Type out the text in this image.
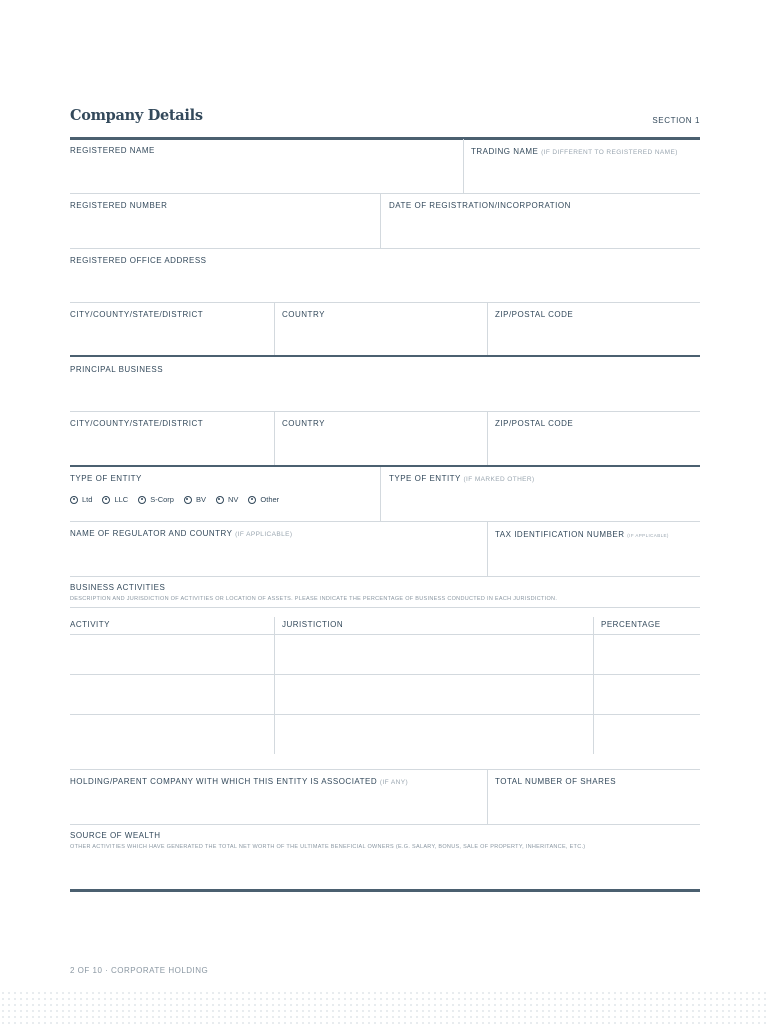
Company Details	SECTION 1
REGISTERED NAME	TRADING NAME (IF DIFFERENT TO REGISTERED NAME)
REGISTERED NUMBER	DATE OF REGISTRATION/INCORPORATION
REGISTERED OFFICE ADDRESS
CITY/COUNTY/STATE/DISTRICT	COUNTRY	ZIP/POSTAL CODE
PRINCIPAL BUSINESS
CITY/COUNTY/STATE/DISTRICT	COUNTRY	ZIP/POSTAL CODE
TYPE OF ENTITY
Ltd	LLC	S-Corp	BV	NV	Other
TYPE OF ENTITY (IF MARKED OTHER)
NAME OF REGULATOR AND COUNTRY (IF APPLICABLE)	TAX IDENTIFICATION NUMBER (IF APPLICABLE)
BUSINESS ACTIVITIES
DESCRIPTION AND JURISDICTION OF ACTIVITIES OR LOCATION OF ASSETS. PLEASE INDICATE THE PERCENTAGE OF BUSINESS CONDUCTED IN EACH JURISDICTION.
ACTIVITY	JURISTICTION	PERCENTAGE
HOLDING/PARENT COMPANY WITH WHICH THIS ENTITY IS ASSOCIATED (IF ANY)	TOTAL NUMBER OF SHARES
SOURCE OF WEALTH
OTHER ACTIVITIES WHICH HAVE GENERATED THE TOTAL NET WORTH OF THE ULTIMATE BENEFICIAL OWNERS (E.G. SALARY, BONUS, SALE OF PROPERTY, INHERITANCE, ETC.)
2 OF 10 · CORPORATE HOLDING
